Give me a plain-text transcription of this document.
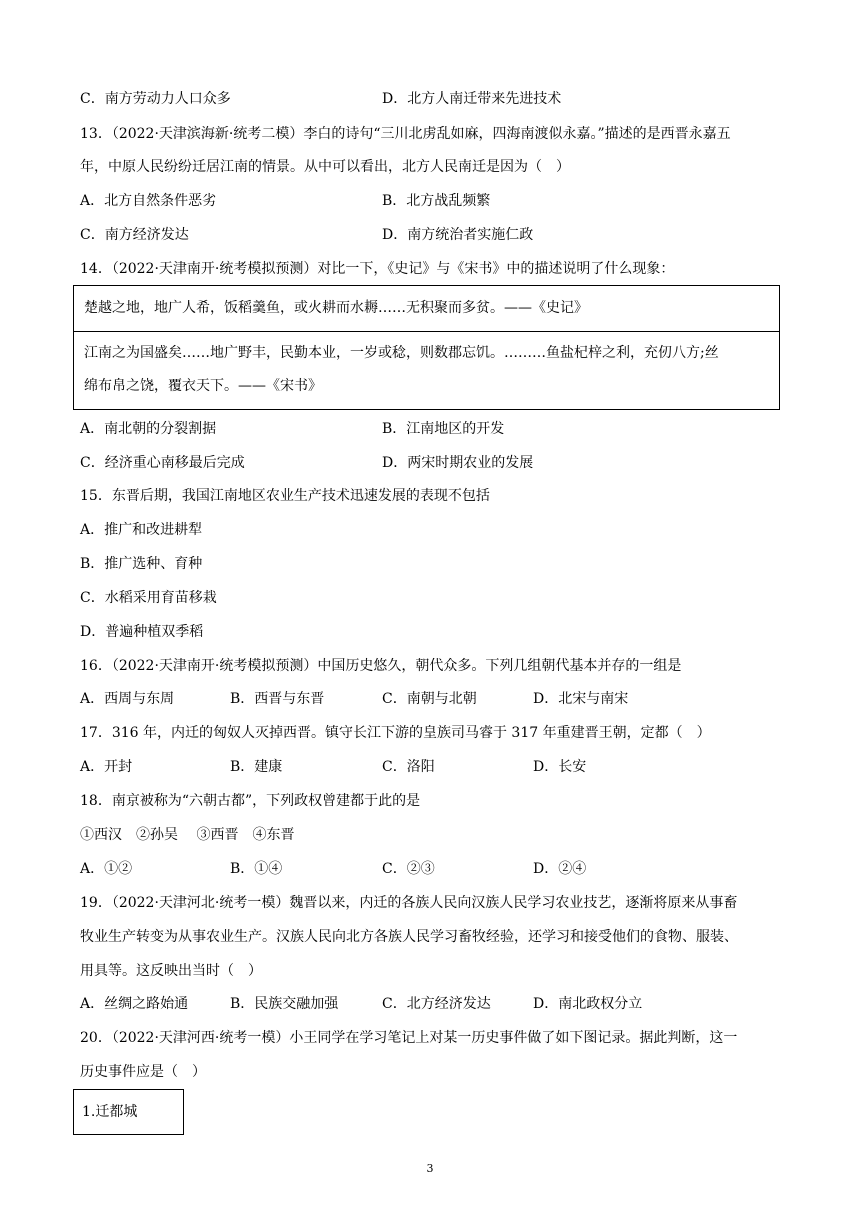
C．南方劳动力人口众多	D．北方人南迁带来先进技术
13．（2022·天津滨海新·统考二模）李白的诗句“三川北虏乱如麻，四海南渡似永嘉。”描述的是西晋永嘉五
年，中原人民纷纷迁居江南的情景。从中可以看出，北方人民南迁是因为（　）
A．北方自然条件恶劣	B．北方战乱频繁
C．南方经济发达	D．南方统治者实施仁政
14．（2022·天津南开·统考模拟预测）对比一下，《史记》与《宋书》中的描述说明了什么现象：
楚越之地，地广人希，饭稻羹鱼，或火耕而水耨……无积聚而多贫。——《史记》
江南之为国盛矣……地广野丰，民勤本业，一岁或稔，则数郡忘饥。………鱼盐杞梓之利，充仞八方;丝
绵布帛之饶，覆衣天下。——《宋书》
A．南北朝的分裂割据	B．江南地区的开发
C．经济重心南移最后完成	D．两宋时期农业的发展
15．东晋后期，我国江南地区农业生产技术迅速发展的表现不包括
A．推广和改进耕犁
B．推广选种、育种
C．水稻采用育苗移栽
D．普遍种植双季稻
16．（2022·天津南开·统考模拟预测）中国历史悠久，朝代众多。下列几组朝代基本并存的一组是
A．西周与东周	B．西晋与东晋	C．南朝与北朝	D．北宋与南宋
17．316 年，内迁的匈奴人灭掉西晋。镇守长江下游的皇族司马睿于 317 年重建晋王朝，定都（　）
A．开封	B．建康	C．洛阳	D．长安
18．南京被称为“六朝古都”，下列政权曾建都于此的是
①西汉　②孙吴　 ③西晋　④东晋
A．①②	B．①④	C．②③	D．②④
19．（2022·天津河北·统考一模）魏晋以来，内迁的各族人民向汉族人民学习农业技艺，逐渐将原来从事畜
牧业生产转变为从事农业生产。汉族人民向北方各族人民学习畜牧经验，还学习和接受他们的食物、服装、
用具等。这反映出当时（　）
A．丝绸之路始通	B．民族交融加强	C．北方经济发达	D．南北政权分立
20．（2022·天津河西·统考一模）小王同学在学习笔记上对某一历史事件做了如下图记录。据此判断，这一
历史事件应是（　）
1.迁都城
3
